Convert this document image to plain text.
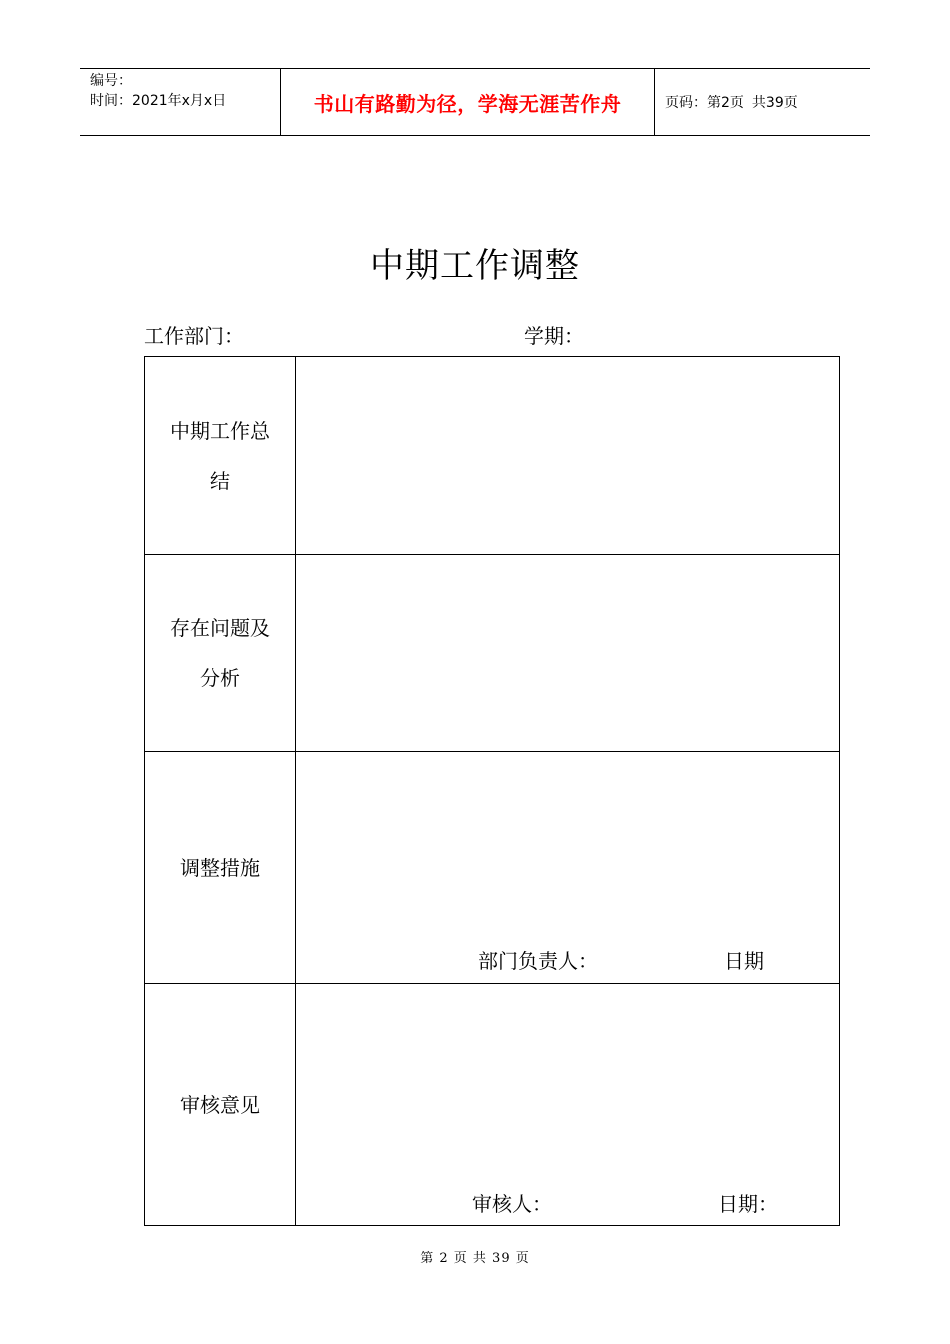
编号：
时间：2021年x月x日	书山有路勤为径，学海无涯苦作舟	页码：第2页 共39页
中期工作调整
工作部门：	学期：
中期工作总
结	

存在问题及
分析	

调整措施	部门负责人： 日期

审核意见	审核人： 日期：
第 2 页 共 39 页
